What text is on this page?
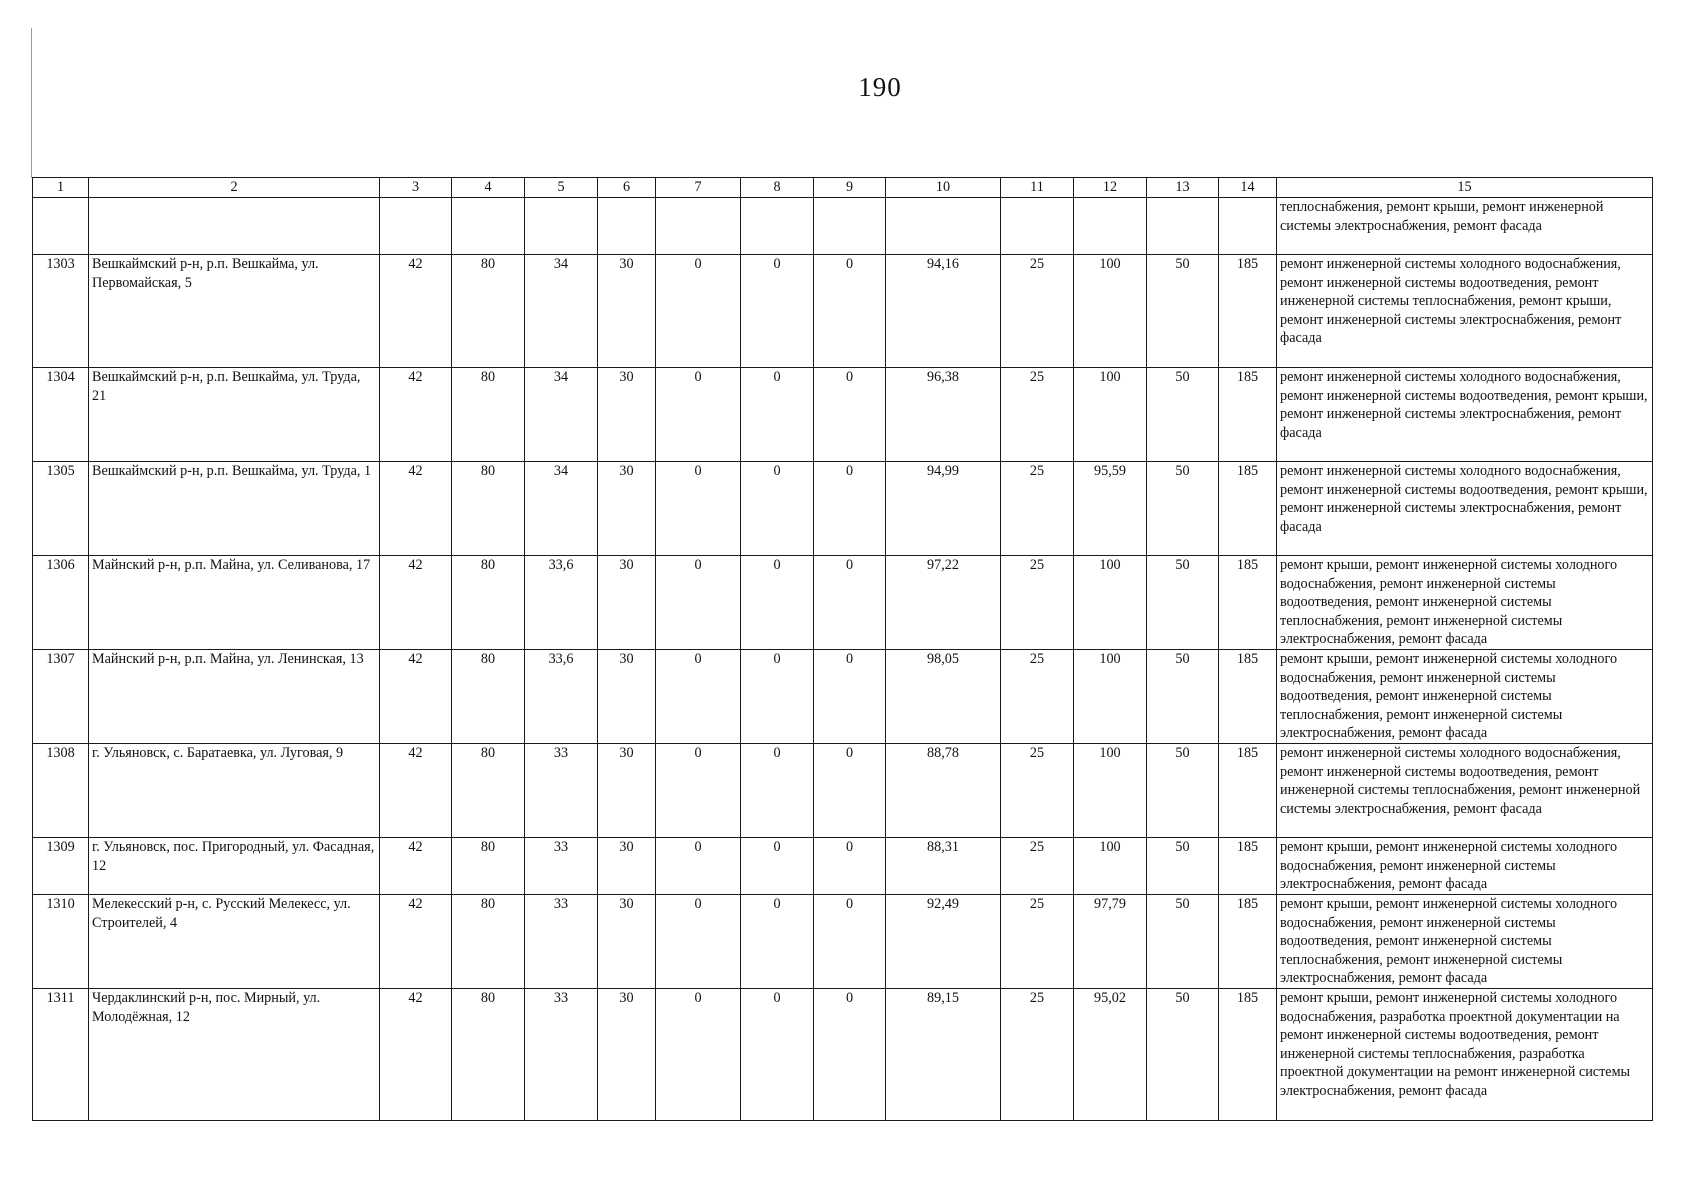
190
1	2	3	4	5	6	7	8	9	10	11	12	13	14	15
														теплоснабжения, ремонт крыши, ремонт инженерной системы электроснабжения, ремонт фасада
1303	Вешкаймский р-н, р.п. Вешкайма, ул. Первомайская, 5	42	80	34	30	0	0	0	94,16	25	100	50	185	ремонт инженерной системы холодного водоснабжения, ремонт инженерной системы водоотведения, ремонт инженерной системы теплоснабжения, ремонт крыши, ремонт инженерной системы электроснабжения, ремонт фасада
1304	Вешкаймский р-н, р.п. Вешкайма, ул. Труда, 21	42	80	34	30	0	0	0	96,38	25	100	50	185	ремонт инженерной системы холодного водоснабжения, ремонт инженерной системы водоотведения, ремонт крыши, ремонт инженерной системы электроснабжения, ремонт фасада
1305	Вешкаймский р-н, р.п. Вешкайма, ул. Труда, 1	42	80	34	30	0	0	0	94,99	25	95,59	50	185	ремонт инженерной системы холодного водоснабжения, ремонт инженерной системы водоотведения, ремонт крыши, ремонт инженерной системы электроснабжения, ремонт фасада
1306	Майнский р-н, р.п. Майна, ул. Селиванова, 17	42	80	33,6	30	0	0	0	97,22	25	100	50	185	ремонт крыши, ремонт инженерной системы холодного водоснабжения, ремонт инженерной системы водоотведения, ремонт инженерной системы теплоснабжения, ремонт инженерной системы электроснабжения, ремонт фасада
1307	Майнский р-н, р.п. Майна, ул. Ленинская, 13	42	80	33,6	30	0	0	0	98,05	25	100	50	185	ремонт крыши, ремонт инженерной системы холодного водоснабжения, ремонт инженерной системы водоотведения, ремонт инженерной системы теплоснабжения, ремонт инженерной системы электроснабжения, ремонт фасада
1308	г. Ульяновск, с. Баратаевка, ул. Луговая, 9	42	80	33	30	0	0	0	88,78	25	100	50	185	ремонт инженерной системы холодного водоснабжения, ремонт инженерной системы водоотведения, ремонт инженерной системы теплоснабжения, ремонт инженерной системы электроснабжения, ремонт фасада
1309	г. Ульяновск, пос. Пригородный, ул. Фасадная, 12	42	80	33	30	0	0	0	88,31	25	100	50	185	ремонт крыши, ремонт инженерной системы холодного водоснабжения, ремонт инженерной системы электроснабжения, ремонт фасада
1310	Мелекесский р-н, с. Русский Мелекесс, ул. Строителей, 4	42	80	33	30	0	0	0	92,49	25	97,79	50	185	ремонт крыши, ремонт инженерной системы холодного водоснабжения, ремонт инженерной системы водоотведения, ремонт инженерной системы теплоснабжения, ремонт инженерной системы электроснабжения, ремонт фасада
1311	Чердаклинский р-н, пос. Мирный, ул. Молодёжная, 12	42	80	33	30	0	0	0	89,15	25	95,02	50	185	ремонт крыши, ремонт инженерной системы холодного водоснабжения, разработка проектной документации на ремонт инженерной системы водоотведения, ремонт инженерной системы теплоснабжения, разработка проектной документации на ремонт инженерной системы электроснабжения, ремонт фасада
